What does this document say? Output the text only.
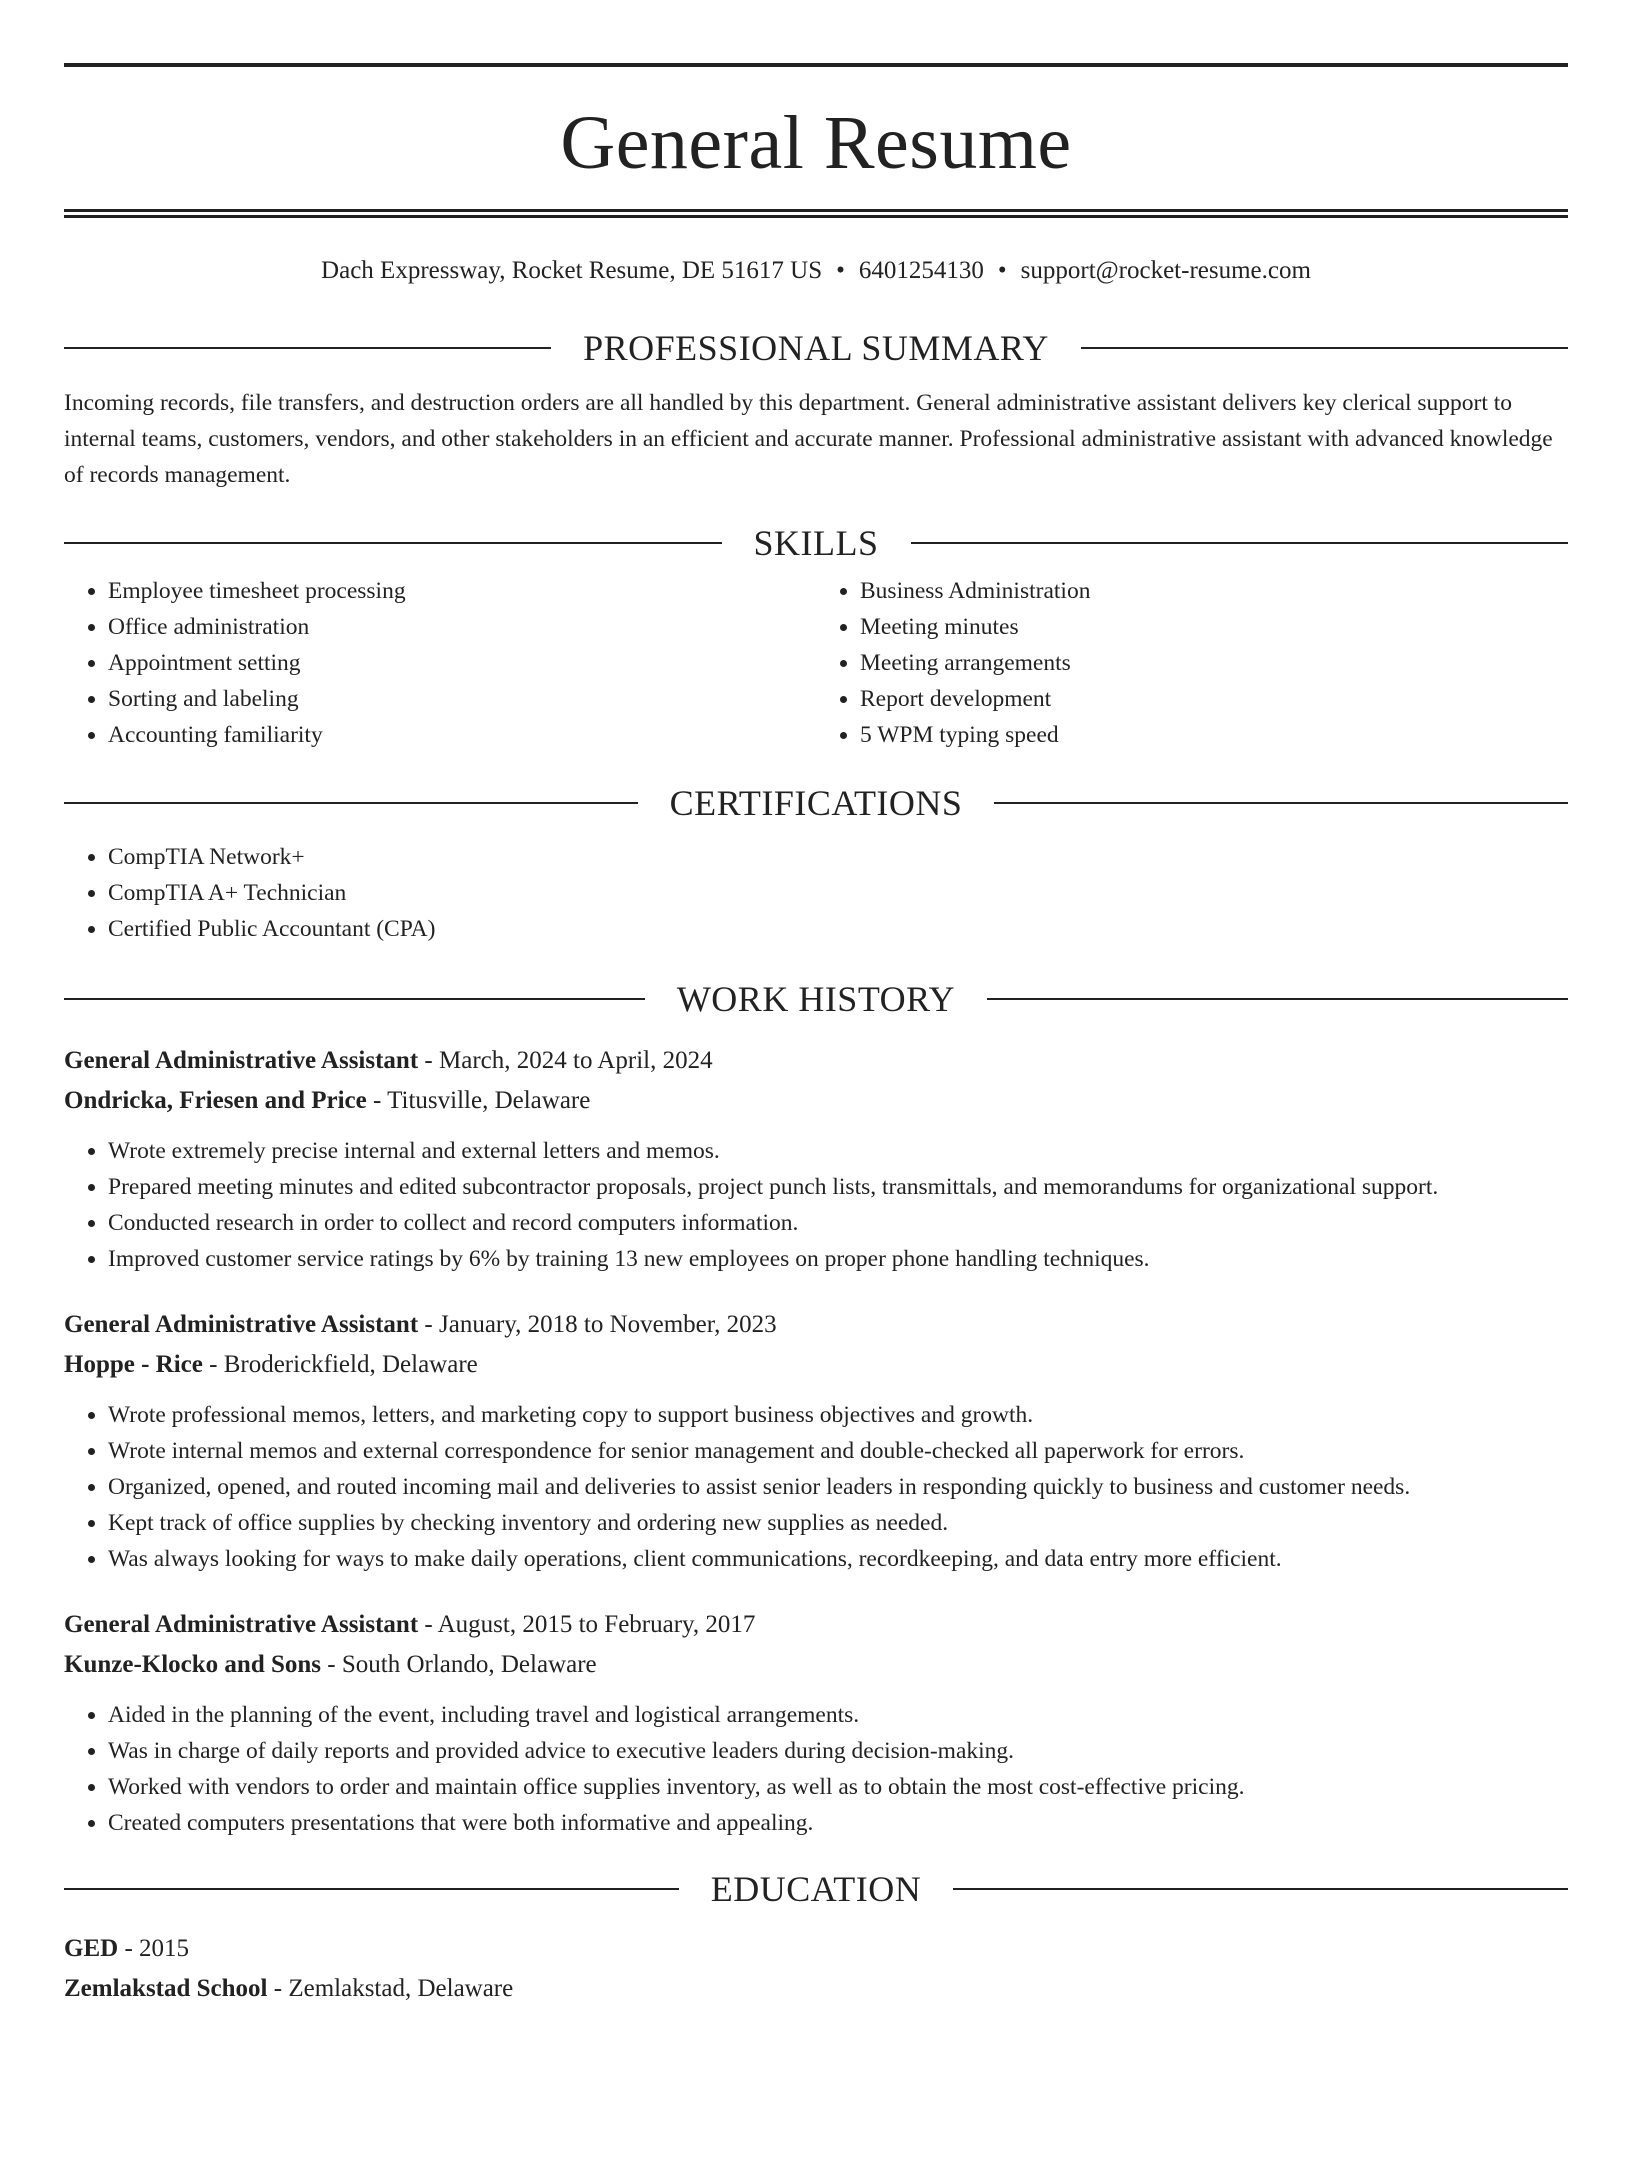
General Resume
Dach Expressway, Rocket Resume, DE 51617 US • 6401254130 • support@rocket-resume.com
PROFESSIONAL SUMMARY
Incoming records, file transfers, and destruction orders are all handled by this department. General administrative assistant delivers key clerical support to internal teams, customers, vendors, and other stakeholders in an efficient and accurate manner. Professional administrative assistant with advanced knowledge of records management.
SKILLS
• Employee timesheet processing
• Office administration
• Appointment setting
• Sorting and labeling
• Accounting familiarity
• Business Administration
• Meeting minutes
• Meeting arrangements
• Report development
• 5 WPM typing speed
CERTIFICATIONS
• CompTIA Network+
• CompTIA A+ Technician
• Certified Public Accountant (CPA)
WORK HISTORY
General Administrative Assistant - March, 2024 to April, 2024
Ondricka, Friesen and Price - Titusville, Delaware
• Wrote extremely precise internal and external letters and memos.
• Prepared meeting minutes and edited subcontractor proposals, project punch lists, transmittals, and memorandums for organizational support.
• Conducted research in order to collect and record computers information.
• Improved customer service ratings by 6% by training 13 new employees on proper phone handling techniques.
General Administrative Assistant - January, 2018 to November, 2023
Hoppe - Rice - Broderickfield, Delaware
• Wrote professional memos, letters, and marketing copy to support business objectives and growth.
• Wrote internal memos and external correspondence for senior management and double-checked all paperwork for errors.
• Organized, opened, and routed incoming mail and deliveries to assist senior leaders in responding quickly to business and customer needs.
• Kept track of office supplies by checking inventory and ordering new supplies as needed.
• Was always looking for ways to make daily operations, client communications, recordkeeping, and data entry more efficient.
General Administrative Assistant - August, 2015 to February, 2017
Kunze-Klocko and Sons - South Orlando, Delaware
• Aided in the planning of the event, including travel and logistical arrangements.
• Was in charge of daily reports and provided advice to executive leaders during decision-making.
• Worked with vendors to order and maintain office supplies inventory, as well as to obtain the most cost-effective pricing.
• Created computers presentations that were both informative and appealing.
EDUCATION
GED - 2015
Zemlakstad School - Zemlakstad, Delaware
